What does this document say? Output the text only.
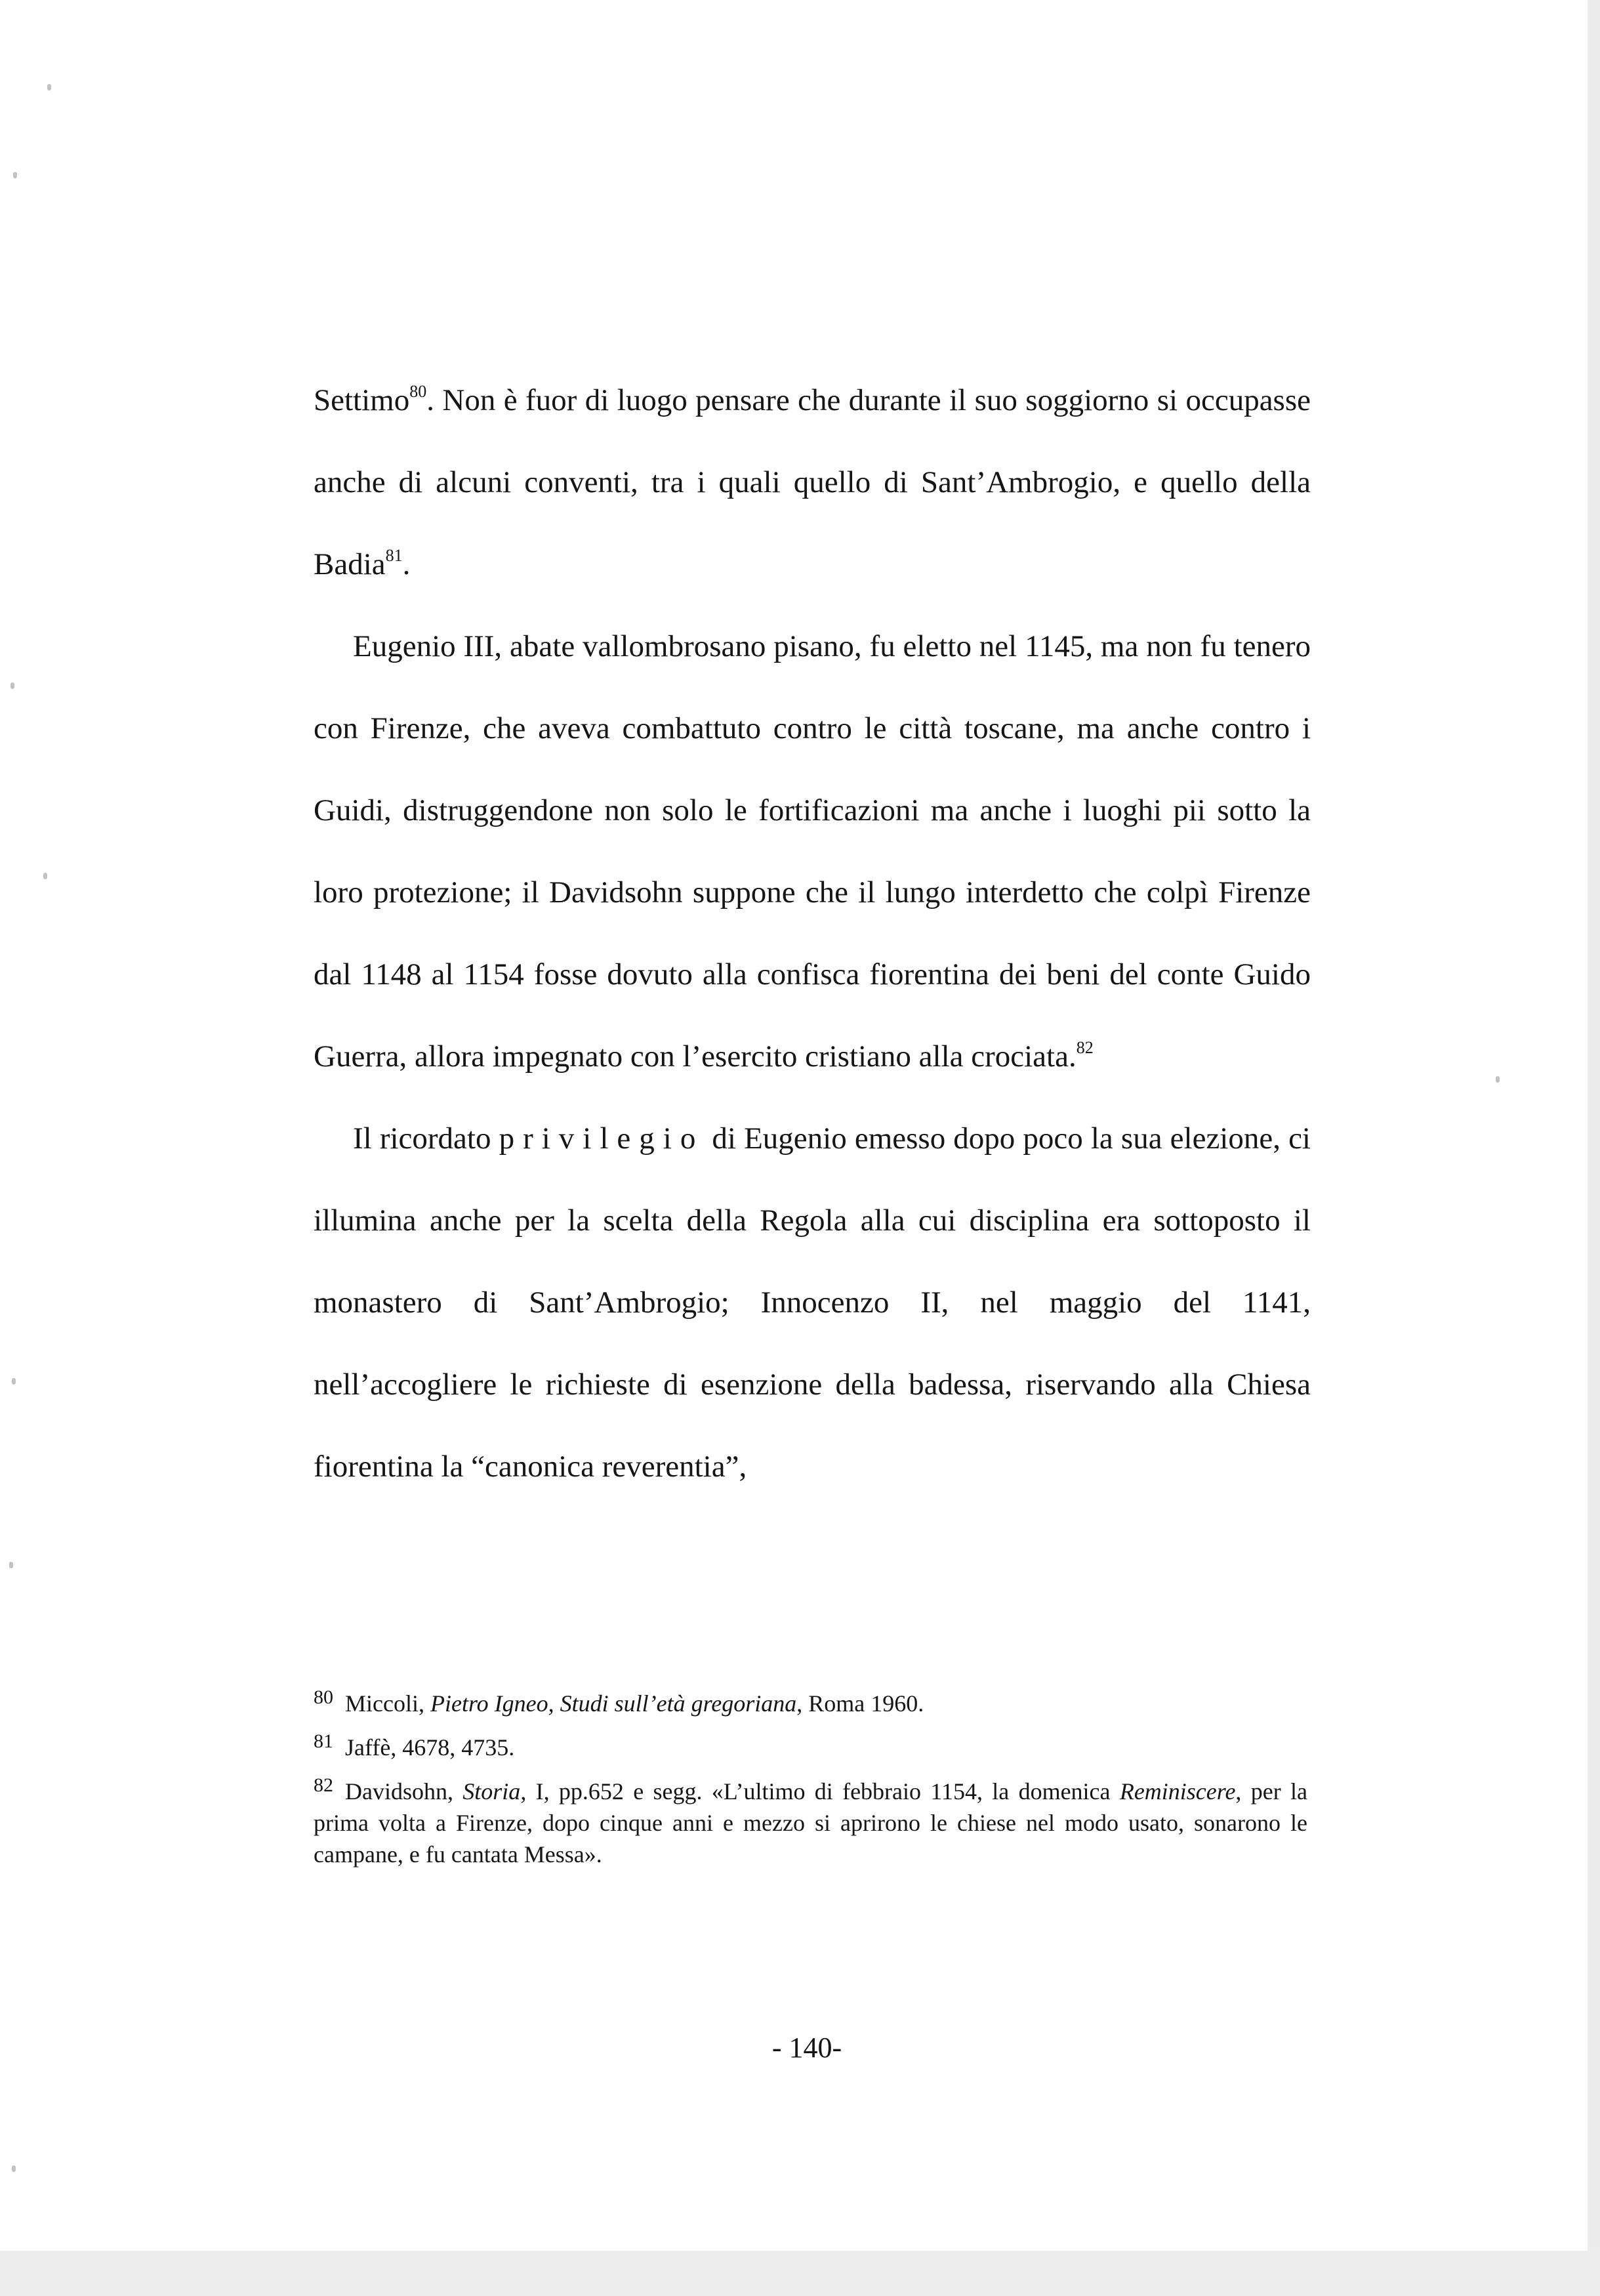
Settimo$^{80}$. Non è fuor di luogo pensare che durante il suo soggiorno si occupasse anche di alcuni conventi, tra i quali quello di Sant’Ambrogio, e quello della Badia$^{81}$.

Eugenio III, abate vallombrosano pisano, fu eletto nel 1145, ma non fu tenero con Firenze, che aveva combattuto contro le città toscane, ma anche contro i Guidi, distruggendone non solo le fortificazioni ma anche i luoghi pii sotto la loro protezione; il Davidsohn suppone che il lungo interdetto che colpì Firenze dal 1148 al 1154 fosse dovuto alla confisca fiorentina dei beni del conte Guido Guerra, allora impegnato con l’esercito cristiano alla crociata.$^{82}$

Il ricordato privilegio di Eugenio emesso dopo poco la sua elezione, ci illumina anche per la scelta della Regola alla cui disciplina era sottoposto il monastero di Sant’Ambrogio; Innocenzo II, nel maggio del 1141, nell’accogliere le richieste di esenzione della badessa, riservando alla Chiesa fiorentina la “canonica reverentia”,

$^{80}$ Miccoli, Pietro Igneo, Studi sull’età gregoriana, Roma 1960.

$^{81}$ Jaffè, 4678, 4735.

$^{82}$ Davidsohn, Storia, I, pp.652 e segg. «L’ultimo di febbraio 1154, la domenica Reminiscere, per la prima volta a Firenze, dopo cinque anni e mezzo si aprirono le chiese nel modo usato, sonarono le campane, e fu cantata Messa».

- 140-
